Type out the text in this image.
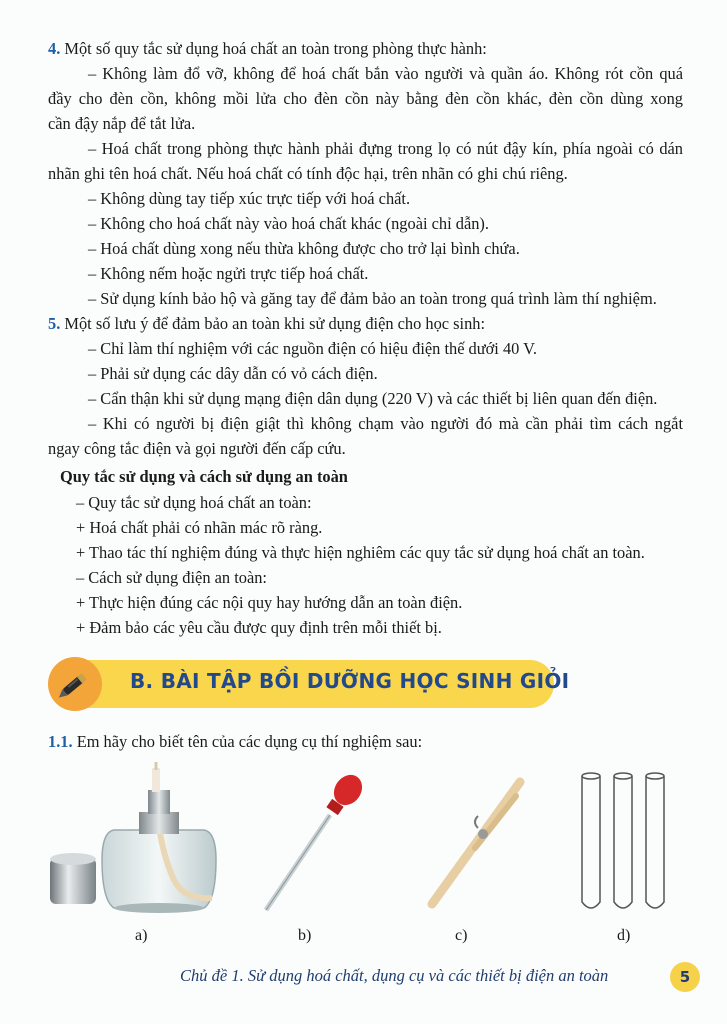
4. Một số quy tắc sử dụng hoá chất an toàn trong phòng thực hành:

– Không làm đổ vỡ, không để hoá chất bắn vào người và quần áo. Không rót cồn quá

đầy cho đèn cồn, không mồi lửa cho đèn cồn này bằng đèn cồn khác, đèn cồn dùng xong

cần đậy nắp để tắt lửa.

– Hoá chất trong phòng thực hành phải đựng trong lọ có nút đậy kín, phía ngoài có dán

nhãn ghi tên hoá chất. Nếu hoá chất có tính độc hại, trên nhãn có ghi chú riêng.

– Không dùng tay tiếp xúc trực tiếp với hoá chất.

– Không cho hoá chất này vào hoá chất khác (ngoài chỉ dẫn).

– Hoá chất dùng xong nếu thừa không được cho trở lại bình chứa.

– Không nếm hoặc ngửi trực tiếp hoá chất.

– Sử dụng kính bảo hộ và găng tay để đảm bảo an toàn trong quá trình làm thí nghiệm.

5. Một số lưu ý để đảm bảo an toàn khi sử dụng điện cho học sinh:

– Chỉ làm thí nghiệm với các nguồn điện có hiệu điện thế dưới 40 V.

– Phải sử dụng các dây dẫn có vỏ cách điện.

– Cẩn thận khi sử dụng mạng điện dân dụng (220 V) và các thiết bị liên quan đến điện.

– Khi có người bị điện giật thì không chạm vào người đó mà cần phải tìm cách ngắt

ngay công tắc điện và gọi người đến cấp cứu.

Quy tắc sử dụng và cách sử dụng an toàn

– Quy tắc sử dụng hoá chất an toàn:

+ Hoá chất phải có nhãn mác rõ ràng.

+ Thao tác thí nghiệm đúng và thực hiện nghiêm các quy tắc sử dụng hoá chất an toàn.

– Cách sử dụng điện an toàn:

+ Thực hiện đúng các nội quy hay hướng dẫn an toàn điện.

+ Đảm bảo các yêu cầu được quy định trên mỗi thiết bị.

B. BÀI TẬP BỒI DƯỠNG HỌC SINH GIỎI

1.1. Em hãy cho biết tên của các dụng cụ thí nghiệm sau:

a)	b)	c)	d)
Chủ đề 1. Sử dụng hoá chất, dụng cụ và các thiết bị điện an toàn	5
